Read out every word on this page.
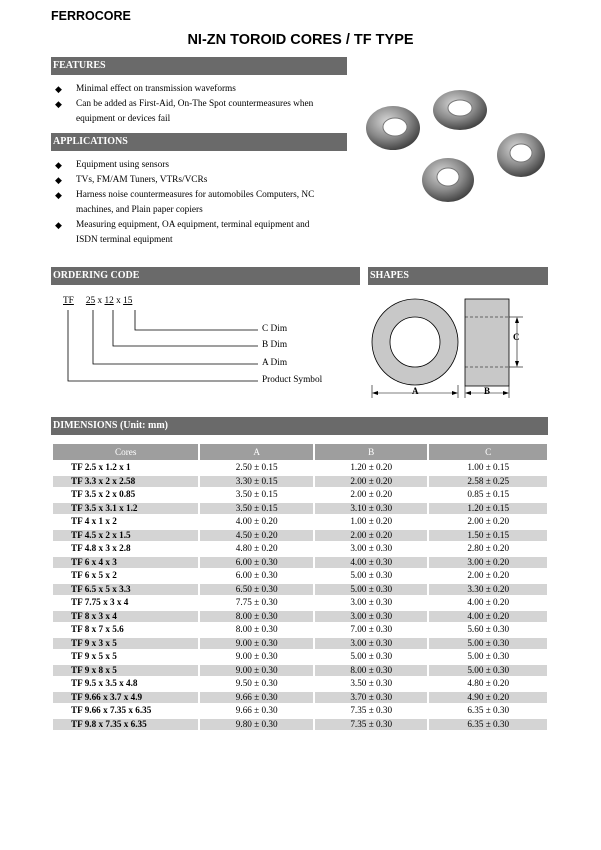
FERROCORE
NI-ZN TOROID CORES / TF TYPE
FEATURES
◆ Minimal effect on transmission waveforms
◆ Can be added as First-Aid, On-The Spot countermeasures when
equipment or devices fail
APPLICATIONS
◆ Equipment using sensors
◆ TVs, FM/AM Tuners, VTRs/VCRs
◆ Harness noise countermeasures for automobiles Computers, NC
machines, and Plain paper copiers
◆ Measuring equipment, OA equipment, terminal equipment and
ISDN terminal equipment
ORDERING CODE	SHAPES
TF 25 x 12 x 15
C Dim
B Dim
A Dim
Product Symbol
A
C
B
DIMENSIONS (Unit: mm)
Cores	A	B	C
TF 2.5 x 1.2 x 1	2.50 ± 0.15	1.20 ± 0.20	1.00 ± 0.15
TF 3.3 x 2 x 2.58	3.30 ± 0.15	2.00 ± 0.20	2.58 ± 0.25
TF 3.5 x 2 x 0.85	3.50 ± 0.15	2.00 ± 0.20	0.85 ± 0.15
TF 3.5 x 3.1 x 1.2	3.50 ± 0.15	3.10 ± 0.30	1.20 ± 0.15
TF 4 x 1 x 2	4.00 ± 0.20	1.00 ± 0.20	2.00 ± 0.20
TF 4.5 x 2 x 1.5	4.50 ± 0.20	2.00 ± 0.20	1.50 ± 0.15
TF 4.8 x 3 x 2.8	4.80 ± 0.20	3.00 ± 0.30	2.80 ± 0.20
TF 6 x 4 x 3	6.00 ± 0.30	4.00 ± 0.30	3.00 ± 0.20
TF 6 x 5 x 2	6.00 ± 0.30	5.00 ± 0.30	2.00 ± 0.20
TF 6.5 x 5 x 3.3	6.50 ± 0.30	5.00 ± 0.30	3.30 ± 0.20
TF 7.75 x 3 x 4	7.75 ± 0.30	3.00 ± 0.30	4.00 ± 0.20
TF 8 x 3 x 4	8.00 ± 0.30	3.00 ± 0.30	4.00 ± 0.20
TF 8 x 7 x 5.6	8.00 ± 0.30	7.00 ± 0.30	5.60 ± 0.30
TF 9 x 3 x 5	9.00 ± 0.30	3.00 ± 0.30	5.00 ± 0.30
TF 9 x 5 x 5	9.00 ± 0.30	5.00 ± 0.30	5.00 ± 0.30
TF 9 x 8 x 5	9.00 ± 0.30	8.00 ± 0.30	5.00 ± 0.30
TF 9.5 x 3.5 x 4.8	9.50 ± 0.30	3.50 ± 0.30	4.80 ± 0.20
TF 9.66 x 3.7 x 4.9	9.66 ± 0.30	3.70 ± 0.30	4.90 ± 0.20
TF 9.66 x 7.35 x 6.35	9.66 ± 0.30	7.35 ± 0.30	6.35 ± 0.30
TF 9.8 x 7.35 x 6.35	9.80 ± 0.30	7.35 ± 0.30	6.35 ± 0.30
